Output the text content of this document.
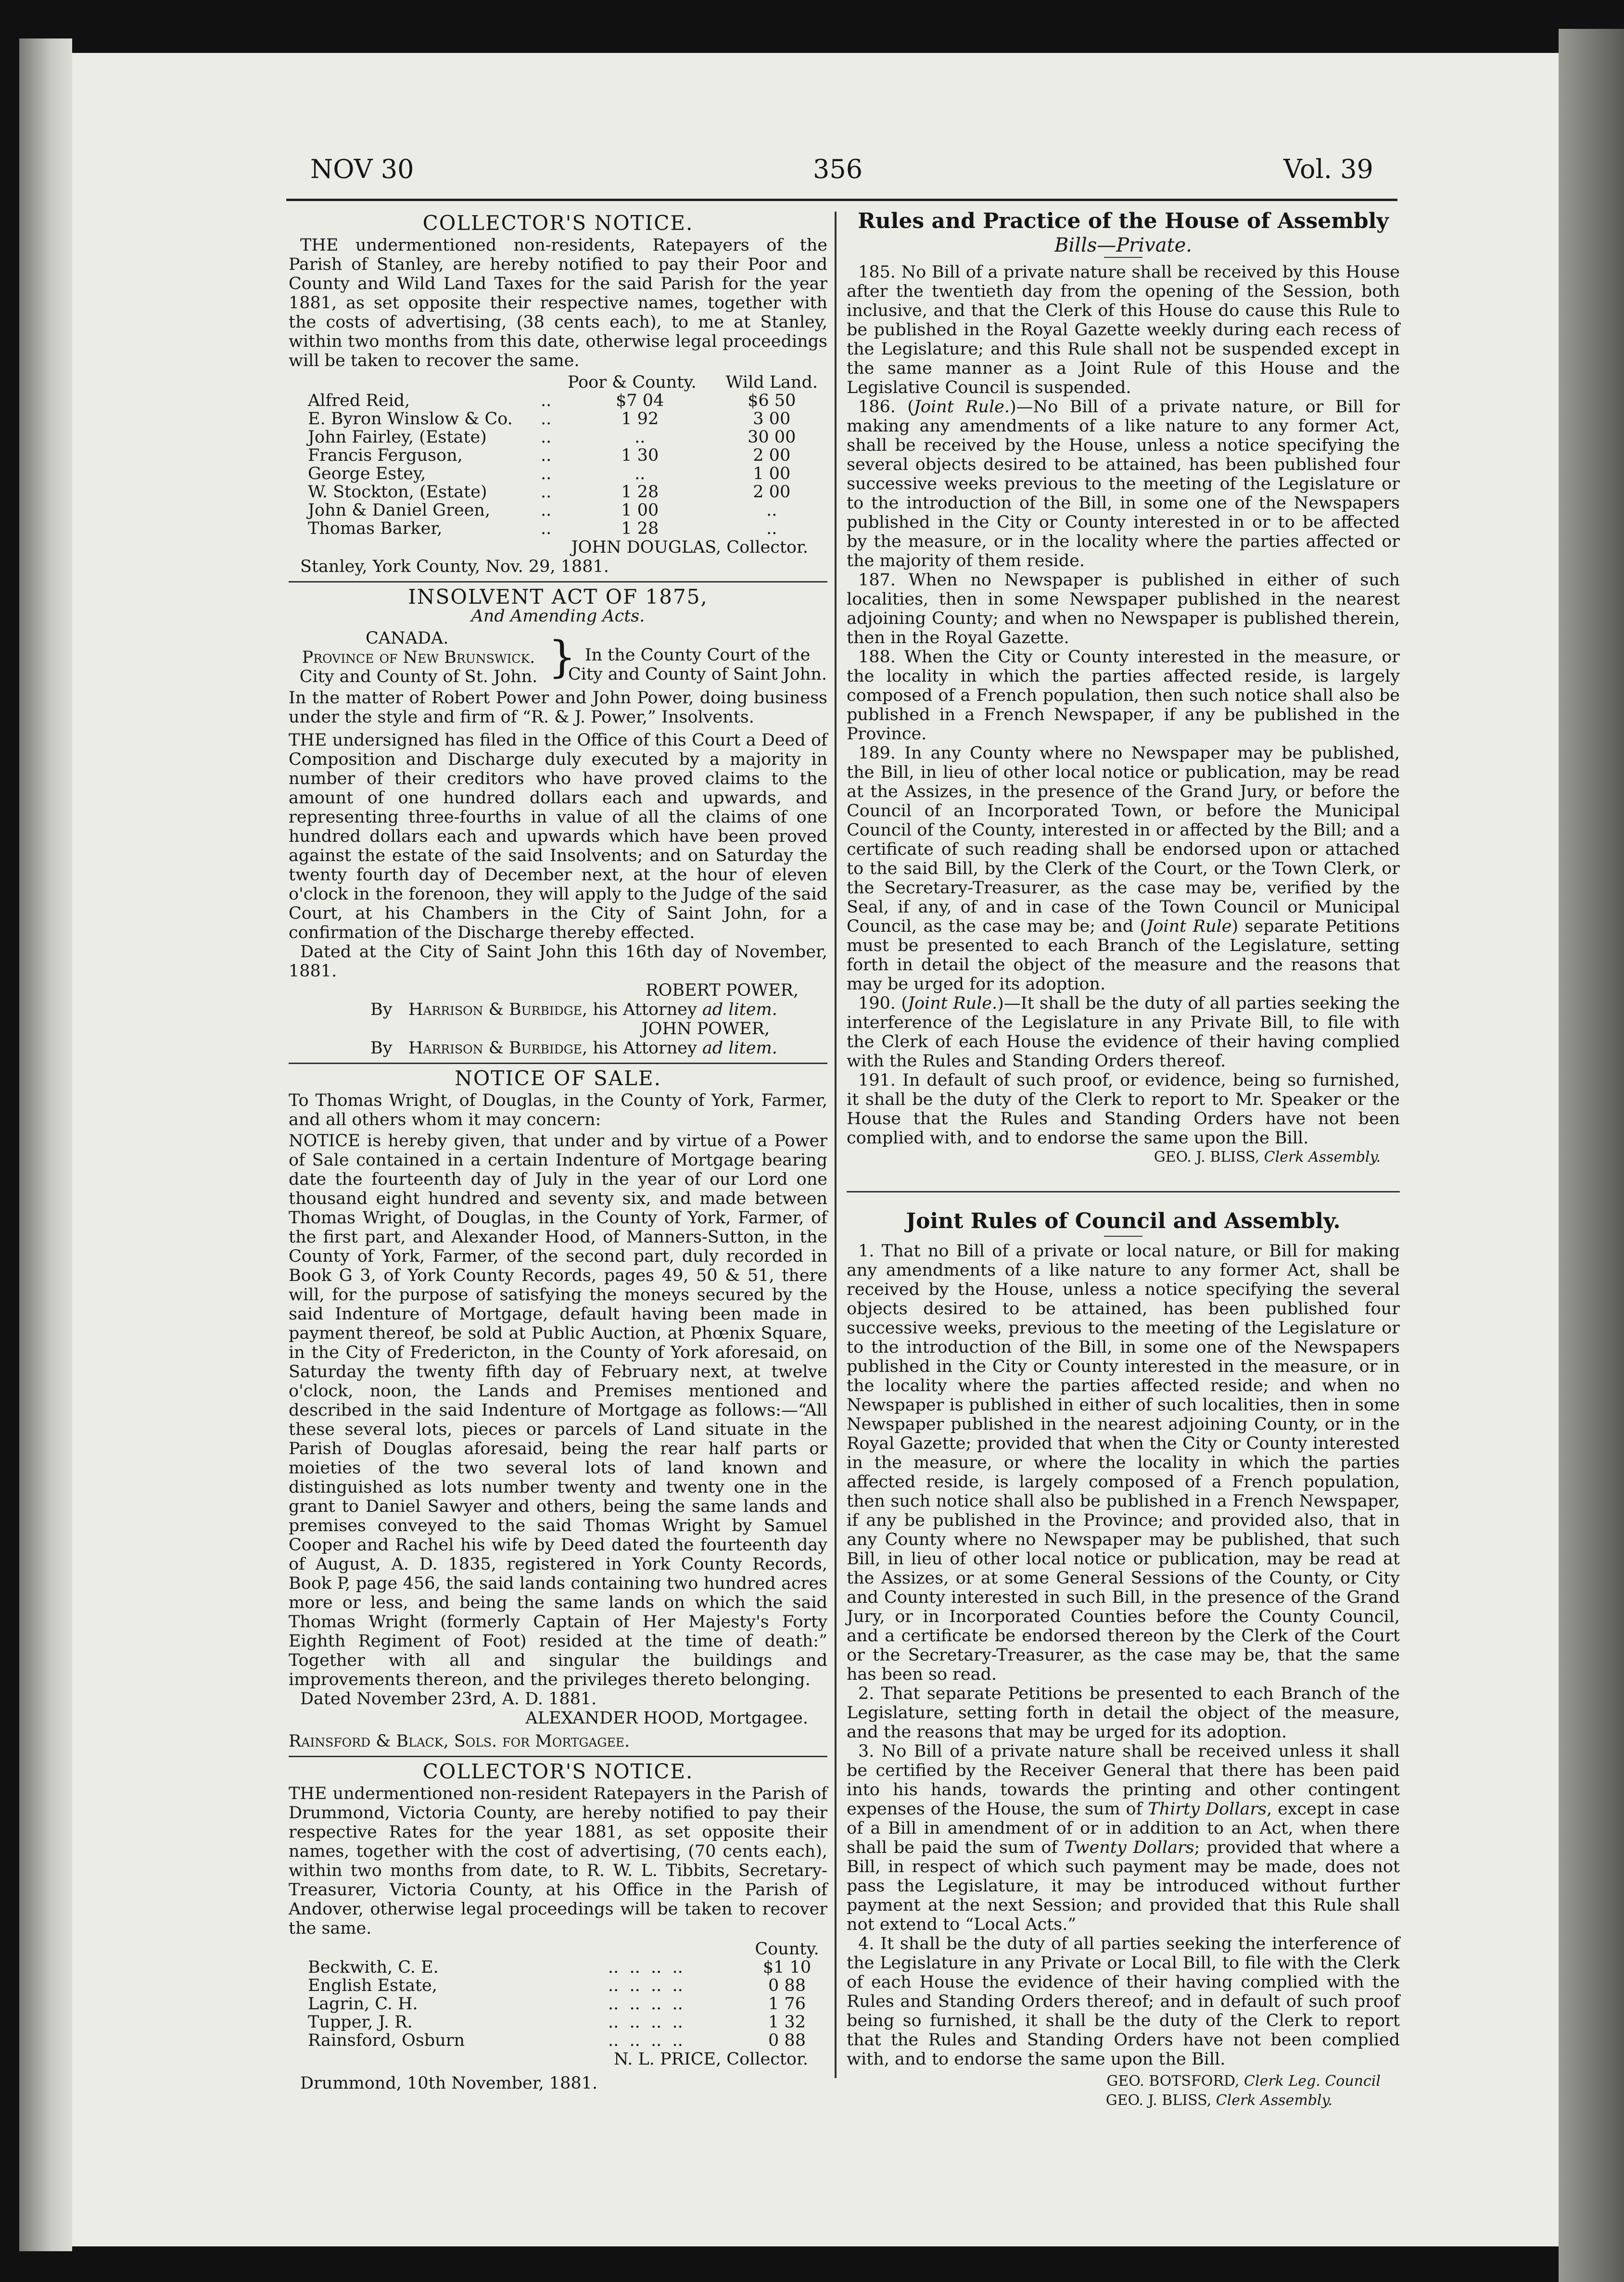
NOV 30	356	Vol. 39
COLLECTOR'S NOTICE.

THE undermentioned non-residents, Ratepayers of the Parish of Stanley, are hereby notified to pay their Poor and County and Wild Land Taxes for the said Parish for the year 1881, as set opposite their respective names, together with the costs of advertising, (38 cents each), to me at Stanley, within two months from this date, otherwise legal proceedings will be taken to recover the same.

		Poor & County.	Wild Land.
Alfred Reid,	..	$7 04	$6 50
E. Byron Winslow & Co.	..	1 92	3 00
John Fairley, (Estate)	..	..	30 00
Francis Ferguson,	..	1 30	2 00
George Estey,	..	..	1 00
W. Stockton, (Estate)	..	1 28	2 00
John & Daniel Green,	..	1 00	..
Thomas Barker,	..	1 28	..

JOHN DOUGLAS, Collector.

Stanley, York County, Nov. 29, 1881.

INSOLVENT ACT OF 1875,

And Amending Acts.

CANADA.
Province of New Brunswick.
City and County of St. John. } In the County Court of the
City and County of Saint John.

In the matter of Robert Power and John Power, doing business under the style and firm of “R. & J. Power,” Insolvents.

THE undersigned has filed in the Office of this Court a Deed of Composition and Discharge duly executed by a majority in number of their creditors who have proved claims to the amount of one hundred dollars each and upwards, and representing three-fourths in value of all the claims of one hundred dollars each and upwards which have been proved against the estate of the said Insolvents; and on Saturday the twenty fourth day of December next, at the hour of eleven o'clock in the forenoon, they will apply to the Judge of the said Court, at his Chambers in the City of Saint John, for a confirmation of the Discharge thereby effected.

Dated at the City of Saint John this 16th day of November, 1881.

ROBERT POWER,

By Harrison & Burbidge, his Attorney ad litem.

JOHN POWER,

By Harrison & Burbidge, his Attorney ad litem.

NOTICE OF SALE.

To Thomas Wright, of Douglas, in the County of York, Farmer, and all others whom it may concern:

NOTICE is hereby given, that under and by virtue of a Power of Sale contained in a certain Indenture of Mortgage bearing date the fourteenth day of July in the year of our Lord one thousand eight hundred and seventy six, and made between Thomas Wright, of Douglas, in the County of York, Farmer, of the first part, and Alexander Hood, of Manners-Sutton, in the County of York, Farmer, of the second part, duly recorded in Book G 3, of York County Records, pages 49, 50 & 51, there will, for the purpose of satisfying the moneys secured by the said Indenture of Mortgage, default having been made in payment thereof, be sold at Public Auction, at Phœnix Square, in the City of Fredericton, in the County of York aforesaid, on Saturday the twenty fifth day of February next, at twelve o'clock, noon, the Lands and Premises mentioned and described in the said Indenture of Mortgage as follows:—“All these several lots, pieces or parcels of Land situate in the Parish of Douglas aforesaid, being the rear half parts or moieties of the two several lots of land known and distinguished as lots number twenty and twenty one in the grant to Daniel Sawyer and others, being the same lands and premises conveyed to the said Thomas Wright by Samuel Cooper and Rachel his wife by Deed dated the fourteenth day of August, A. D. 1835, registered in York County Records, Book P, page 456, the said lands containing two hundred acres more or less, and being the same lands on which the said Thomas Wright (formerly Captain of Her Majesty's Forty Eighth Regiment of Foot) resided at the time of death:” Together with all and singular the buildings and improvements thereon, and the privileges thereto belonging.

Dated November 23rd, A. D. 1881.

ALEXANDER HOOD, Mortgagee.

Rainsford & Black, Sols. for Mortgagee.

COLLECTOR'S NOTICE.

THE undermentioned non-resident Ratepayers in the Parish of Drummond, Victoria County, are hereby notified to pay their respective Rates for the year 1881, as set opposite their names, together with the cost of advertising, (70 cents each), within two months from date, to R. W. L. Tibbits, Secretary-Treasurer, Victoria County, at his Office in the Parish of Andover, otherwise legal proceedings will be taken to recover the same.

		County.
Beckwith, C. E.	..  ..  ..  ..	$1 10
English Estate,	..  ..  ..  ..	0 88
Lagrin, C. H.	..  ..  ..  ..	1 76
Tupper, J. R.	..  ..  ..  ..	1 32
Rainsford, Osburn	..  ..  ..  ..	0 88

N. L. PRICE, Collector.

Drummond, 10th November, 1881.

Rules and Practice of the House of Assembly

Bills—Private.

185. No Bill of a private nature shall be received by this House after the twentieth day from the opening of the Session, both inclusive, and that the Clerk of this House do cause this Rule to be published in the Royal Gazette weekly during each recess of the Legislature; and this Rule shall not be suspended except in the same manner as a Joint Rule of this House and the Legislative Council is suspended.

186. (Joint Rule.)—No Bill of a private nature, or Bill for making any amendments of a like nature to any former Act, shall be received by the House, unless a notice specifying the several objects desired to be attained, has been published four successive weeks previous to the meeting of the Legislature or to the introduction of the Bill, in some one of the Newspapers published in the City or County interested in or to be affected by the measure, or in the locality where the parties affected or the majority of them reside.

187. When no Newspaper is published in either of such localities, then in some Newspaper published in the nearest adjoining County; and when no Newspaper is published therein, then in the Royal Gazette.

188. When the City or County interested in the measure, or the locality in which the parties affected reside, is largely composed of a French population, then such notice shall also be published in a French Newspaper, if any be published in the Province.

189. In any County where no Newspaper may be published, the Bill, in lieu of other local notice or publication, may be read at the Assizes, in the presence of the Grand Jury, or before the Council of an Incorporated Town, or before the Municipal Council of the County, interested in or affected by the Bill; and a certificate of such reading shall be endorsed upon or attached to the said Bill, by the Clerk of the Court, or the Town Clerk, or the Secretary-Treasurer, as the case may be, verified by the Seal, if any, of and in case of the Town Council or Municipal Council, as the case may be; and (Joint Rule) separate Petitions must be presented to each Branch of the Legislature, setting forth in detail the object of the measure and the reasons that may be urged for its adoption.

190. (Joint Rule.)—It shall be the duty of all parties seeking the interference of the Legislature in any Private Bill, to file with the Clerk of each House the evidence of their having complied with the Rules and Standing Orders thereof.

191. In default of such proof, or evidence, being so furnished, it shall be the duty of the Clerk to report to Mr. Speaker or the House that the Rules and Standing Orders have not been complied with, and to endorse the same upon the Bill.

GEO. J. BLISS, Clerk Assembly.

Joint Rules of Council and Assembly.

1. That no Bill of a private or local nature, or Bill for making any amendments of a like nature to any former Act, shall be received by the House, unless a notice specifying the several objects desired to be attained, has been published four successive weeks, previous to the meeting of the Legislature or to the introduction of the Bill, in some one of the Newspapers published in the City or County interested in the measure, or in the locality where the parties affected reside; and when no Newspaper is published in either of such localities, then in some Newspaper published in the nearest adjoining County, or in the Royal Gazette; provided that when the City or County interested in the measure, or where the locality in which the parties affected reside, is largely composed of a French population, then such notice shall also be published in a French Newspaper, if any be published in the Province; and provided also, that in any County where no Newspaper may be published, that such Bill, in lieu of other local notice or publication, may be read at the Assizes, or at some General Sessions of the County, or City and County interested in such Bill, in the presence of the Grand Jury, or in Incorporated Counties before the County Council, and a certificate be endorsed thereon by the Clerk of the Court or the Secretary-Treasurer, as the case may be, that the same has been so read.

2. That separate Petitions be presented to each Branch of the Legislature, setting forth in detail the object of the measure, and the reasons that may be urged for its adoption.

3. No Bill of a private nature shall be received unless it shall be certified by the Receiver General that there has been paid into his hands, towards the printing and other contingent expenses of the House, the sum of Thirty Dollars, except in case of a Bill in amendment of or in addition to an Act, when there shall be paid the sum of Twenty Dollars; provided that where a Bill, in respect of which such payment may be made, does not pass the Legislature, it may be introduced without further payment at the next Session; and provided that this Rule shall not extend to “Local Acts.”

4. It shall be the duty of all parties seeking the interference of the Legislature in any Private or Local Bill, to file with the Clerk of each House the evidence of their having complied with the Rules and Standing Orders thereof; and in default of such proof being so furnished, it shall be the duty of the Clerk to report that the Rules and Standing Orders have not been complied with, and to endorse the same upon the Bill.

GEO. BOTSFORD, Clerk Leg. Council

GEO. J. BLISS, Clerk Assembly.
